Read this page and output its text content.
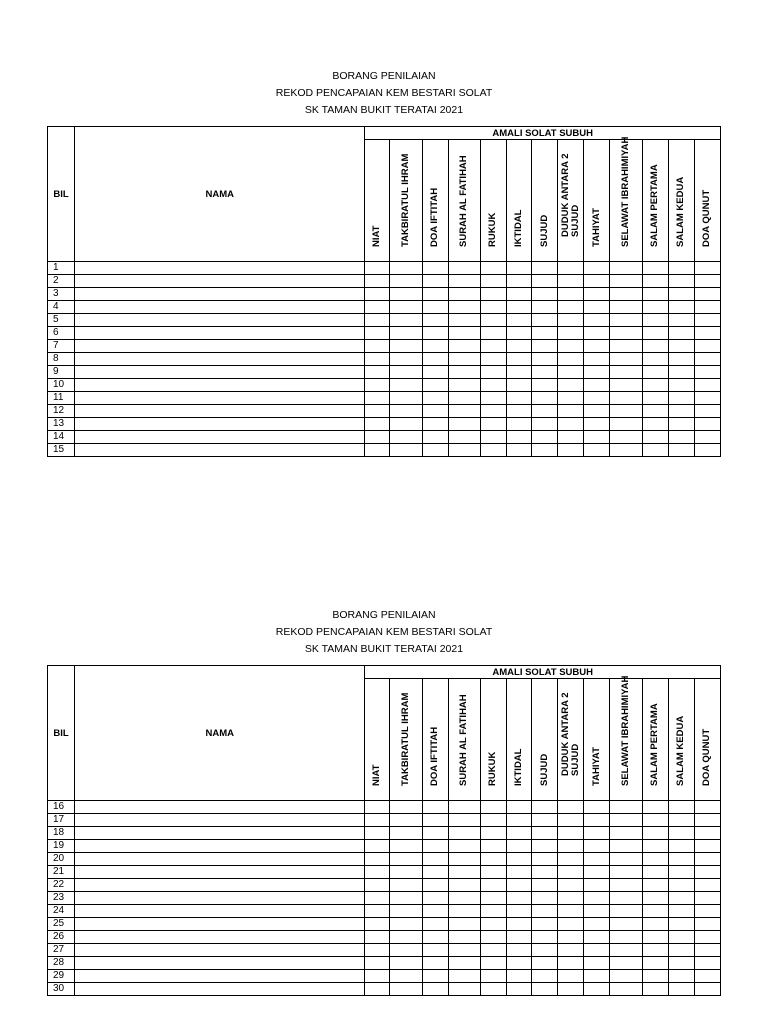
BORANG PENILAIAN
REKOD PENCAPAIAN KEM BESTARI SOLAT
SK TAMAN BUKIT TERATAI 2021
BIL	NAMA	AMALI SOLAT SUBUH												

		NIAT	TAKBIRATUL IHRAM	DOA IFTITAH	SURAH AL FATIHAH	RUKUK	IKTIDAL	SUJUD	DUDUK ANTARA 2 SUJUD	TAHIYAT	SELAWAT IBRAHIMIYAH	SALAM PERTAMA	SALAM KEDUA	DOA QUNUT

1														

2														

3														

4														

5														

6														

7														

8														

9														

10														

11														

12														

13														

14														

15														

BORANG PENILAIAN
REKOD PENCAPAIAN KEM BESTARI SOLAT
SK TAMAN BUKIT TERATAI 2021
BIL	NAMA	AMALI SOLAT SUBUH												

		NIAT	TAKBIRATUL IHRAM	DOA IFTITAH	SURAH AL FATIHAH	RUKUK	IKTIDAL	SUJUD	DUDUK ANTARA 2 SUJUD	TAHIYAT	SELAWAT IBRAHIMIYAH	SALAM PERTAMA	SALAM KEDUA	DOA QUNUT

16														

17														

18														

19														

20														

21														

22														

23														

24														

25														

26														

27														

28														

29														

30														
